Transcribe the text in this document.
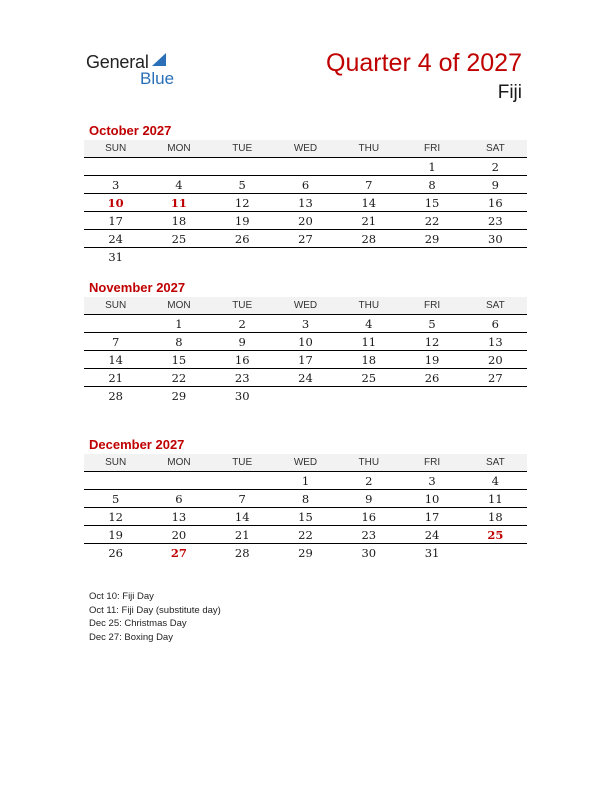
General
Blue
Quarter 4 of 2027
Fiji
October 2027
SUN	MON	TUE	WED	THU	FRI	SAT
					1	2
3	4	5	6	7	8	9
10	11	12	13	14	15	16
17	18	19	20	21	22	23
24	25	26	27	28	29	30
31						
November 2027
SUN	MON	TUE	WED	THU	FRI	SAT
	1	2	3	4	5	6
7	8	9	10	11	12	13
14	15	16	17	18	19	20
21	22	23	24	25	26	27
28	29	30				
December 2027
SUN	MON	TUE	WED	THU	FRI	SAT
			1	2	3	4
5	6	7	8	9	10	11
12	13	14	15	16	17	18
19	20	21	22	23	24	25
26	27	28	29	30	31	
Oct 10: Fiji Day
Oct 11: Fiji Day (substitute day)
Dec 25: Christmas Day
Dec 27: Boxing Day
